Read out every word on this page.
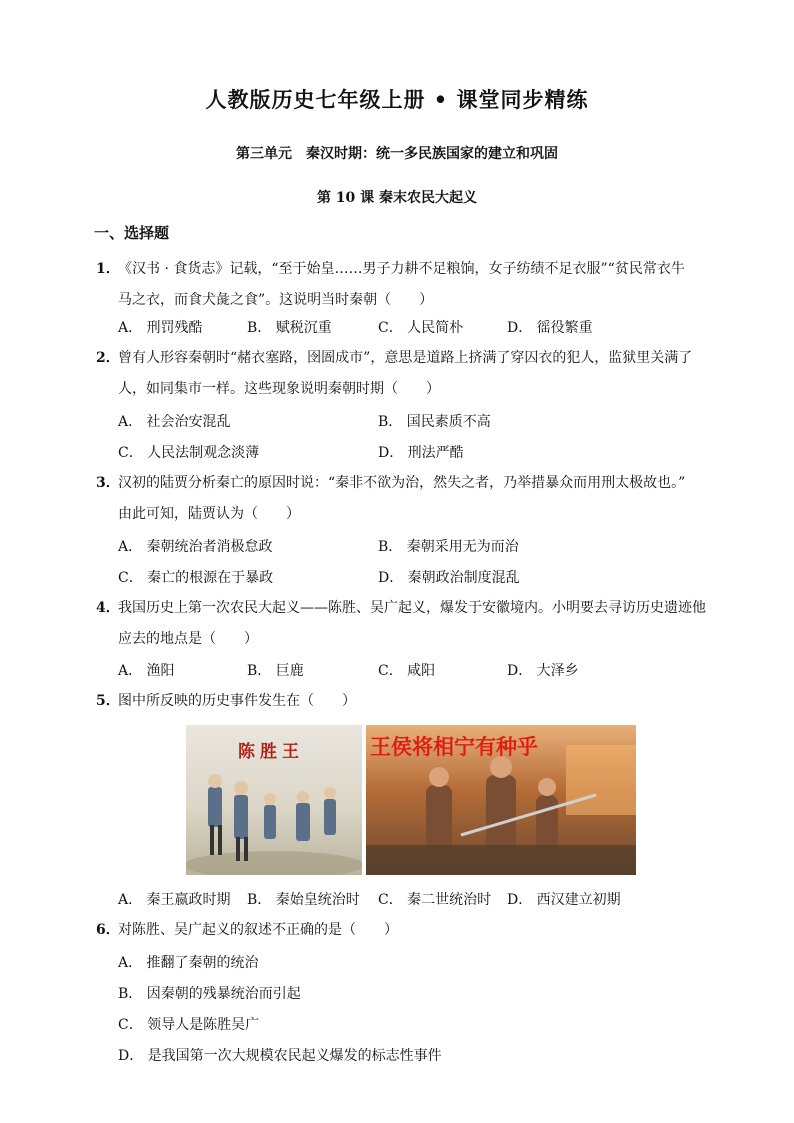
人教版历史七年级上册 • 课堂同步精练
第三单元　秦汉时期：统一多民族国家的建立和巩固
第 10 课 秦末农民大起义
一、选择题
1．《汉书 · 食货志》记载，“至于始皇……男子力耕不足粮饷，女子纺绩不足衣服”“贫民常衣牛
马之衣，而食犬彘之食”。这说明当时秦朝（　　）
A． 刑罚残酷	B． 赋税沉重	C． 人民简朴	D． 徭役繁重
2．曾有人形容秦朝时“赭衣塞路，囹圄成市”，意思是道路上挤满了穿囚衣的犯人，监狱里关满了
人，如同集市一样。这些现象说明秦朝时期（　　）
A． 社会治安混乱	B． 国民素质不高
C． 人民法制观念淡薄	D． 刑法严酷
3．汉初的陆贾分析秦亡的原因时说：“秦非不欲为治，然失之者，乃举措暴众而用刑太极故也。”
由此可知，陆贾认为（　　）
A． 秦朝统治者消极怠政	B． 秦朝采用无为而治
C． 秦亡的根源在于暴政	D． 秦朝政治制度混乱
4．我国历史上第一次农民大起义——陈胜、吴广起义，爆发于安徽境内。小明要去寻访历史遗迹他
应去的地点是（　　）
A． 渔阳	B． 巨鹿	C． 咸阳	D． 大泽乡
5．图中所反映的历史事件发生在（　　）
陈胜王	王侯将相宁有种乎
A． 秦王嬴政时期 B． 秦始皇统治时 C． 秦二世统治时 D． 西汉建立初期
6．对陈胜、吴广起义的叙述不正确的是（　　）
A． 推翻了秦朝的统治
B． 因秦朝的残暴统治而引起
C． 领导人是陈胜吴广
D． 是我国第一次大规模农民起义爆发的标志性事件
